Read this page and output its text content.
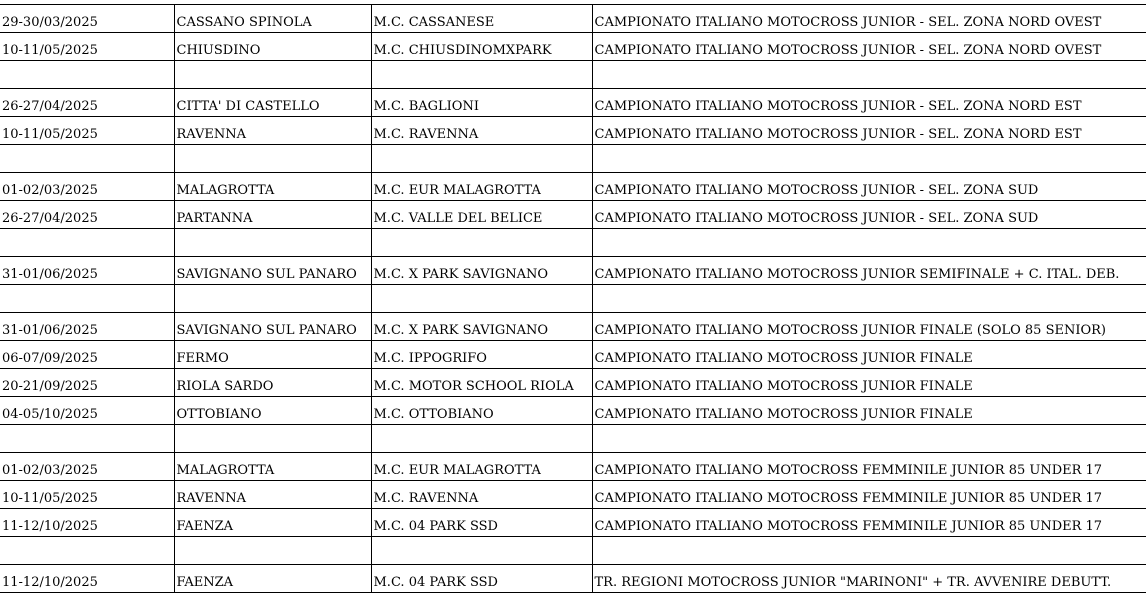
29-30/03/2025	CASSANO SPINOLA	M.C. CASSANESE	CAMPIONATO ITALIANO MOTOCROSS JUNIOR - SEL. ZONA NORD OVEST
10-11/05/2025	CHIUSDINO	M.C. CHIUSDINOMXPARK	CAMPIONATO ITALIANO MOTOCROSS JUNIOR - SEL. ZONA NORD OVEST

26-27/04/2025	CITTA' DI CASTELLO	M.C. BAGLIONI	CAMPIONATO ITALIANO MOTOCROSS JUNIOR - SEL. ZONA NORD EST
10-11/05/2025	RAVENNA	M.C. RAVENNA	CAMPIONATO ITALIANO MOTOCROSS JUNIOR - SEL. ZONA NORD EST

01-02/03/2025	MALAGROTTA	M.C. EUR MALAGROTTA	CAMPIONATO ITALIANO MOTOCROSS JUNIOR - SEL. ZONA SUD
26-27/04/2025	PARTANNA	M.C. VALLE DEL BELICE	CAMPIONATO ITALIANO MOTOCROSS JUNIOR - SEL. ZONA SUD

31-01/06/2025	SAVIGNANO SUL PANARO	M.C. X PARK SAVIGNANO	CAMPIONATO ITALIANO MOTOCROSS JUNIOR SEMIFINALE + C. ITAL. DEB.

31-01/06/2025	SAVIGNANO SUL PANARO	M.C. X PARK SAVIGNANO	CAMPIONATO ITALIANO MOTOCROSS JUNIOR FINALE (SOLO 85 SENIOR)
06-07/09/2025	FERMO	M.C. IPPOGRIFO	CAMPIONATO ITALIANO MOTOCROSS JUNIOR FINALE
20-21/09/2025	RIOLA SARDO	M.C. MOTOR SCHOOL RIOLA	CAMPIONATO ITALIANO MOTOCROSS JUNIOR FINALE
04-05/10/2025	OTTOBIANO	M.C. OTTOBIANO	CAMPIONATO ITALIANO MOTOCROSS JUNIOR FINALE

01-02/03/2025	MALAGROTTA	M.C. EUR MALAGROTTA	CAMPIONATO ITALIANO MOTOCROSS FEMMINILE JUNIOR 85 UNDER 17
10-11/05/2025	RAVENNA	M.C. RAVENNA	CAMPIONATO ITALIANO MOTOCROSS FEMMINILE JUNIOR 85 UNDER 17
11-12/10/2025	FAENZA	M.C. 04 PARK SSD	CAMPIONATO ITALIANO MOTOCROSS FEMMINILE JUNIOR 85 UNDER 17

11-12/10/2025	FAENZA	M.C. 04 PARK SSD	TR. REGIONI MOTOCROSS JUNIOR "MARINONI" + TR. AVVENIRE DEBUTT.
